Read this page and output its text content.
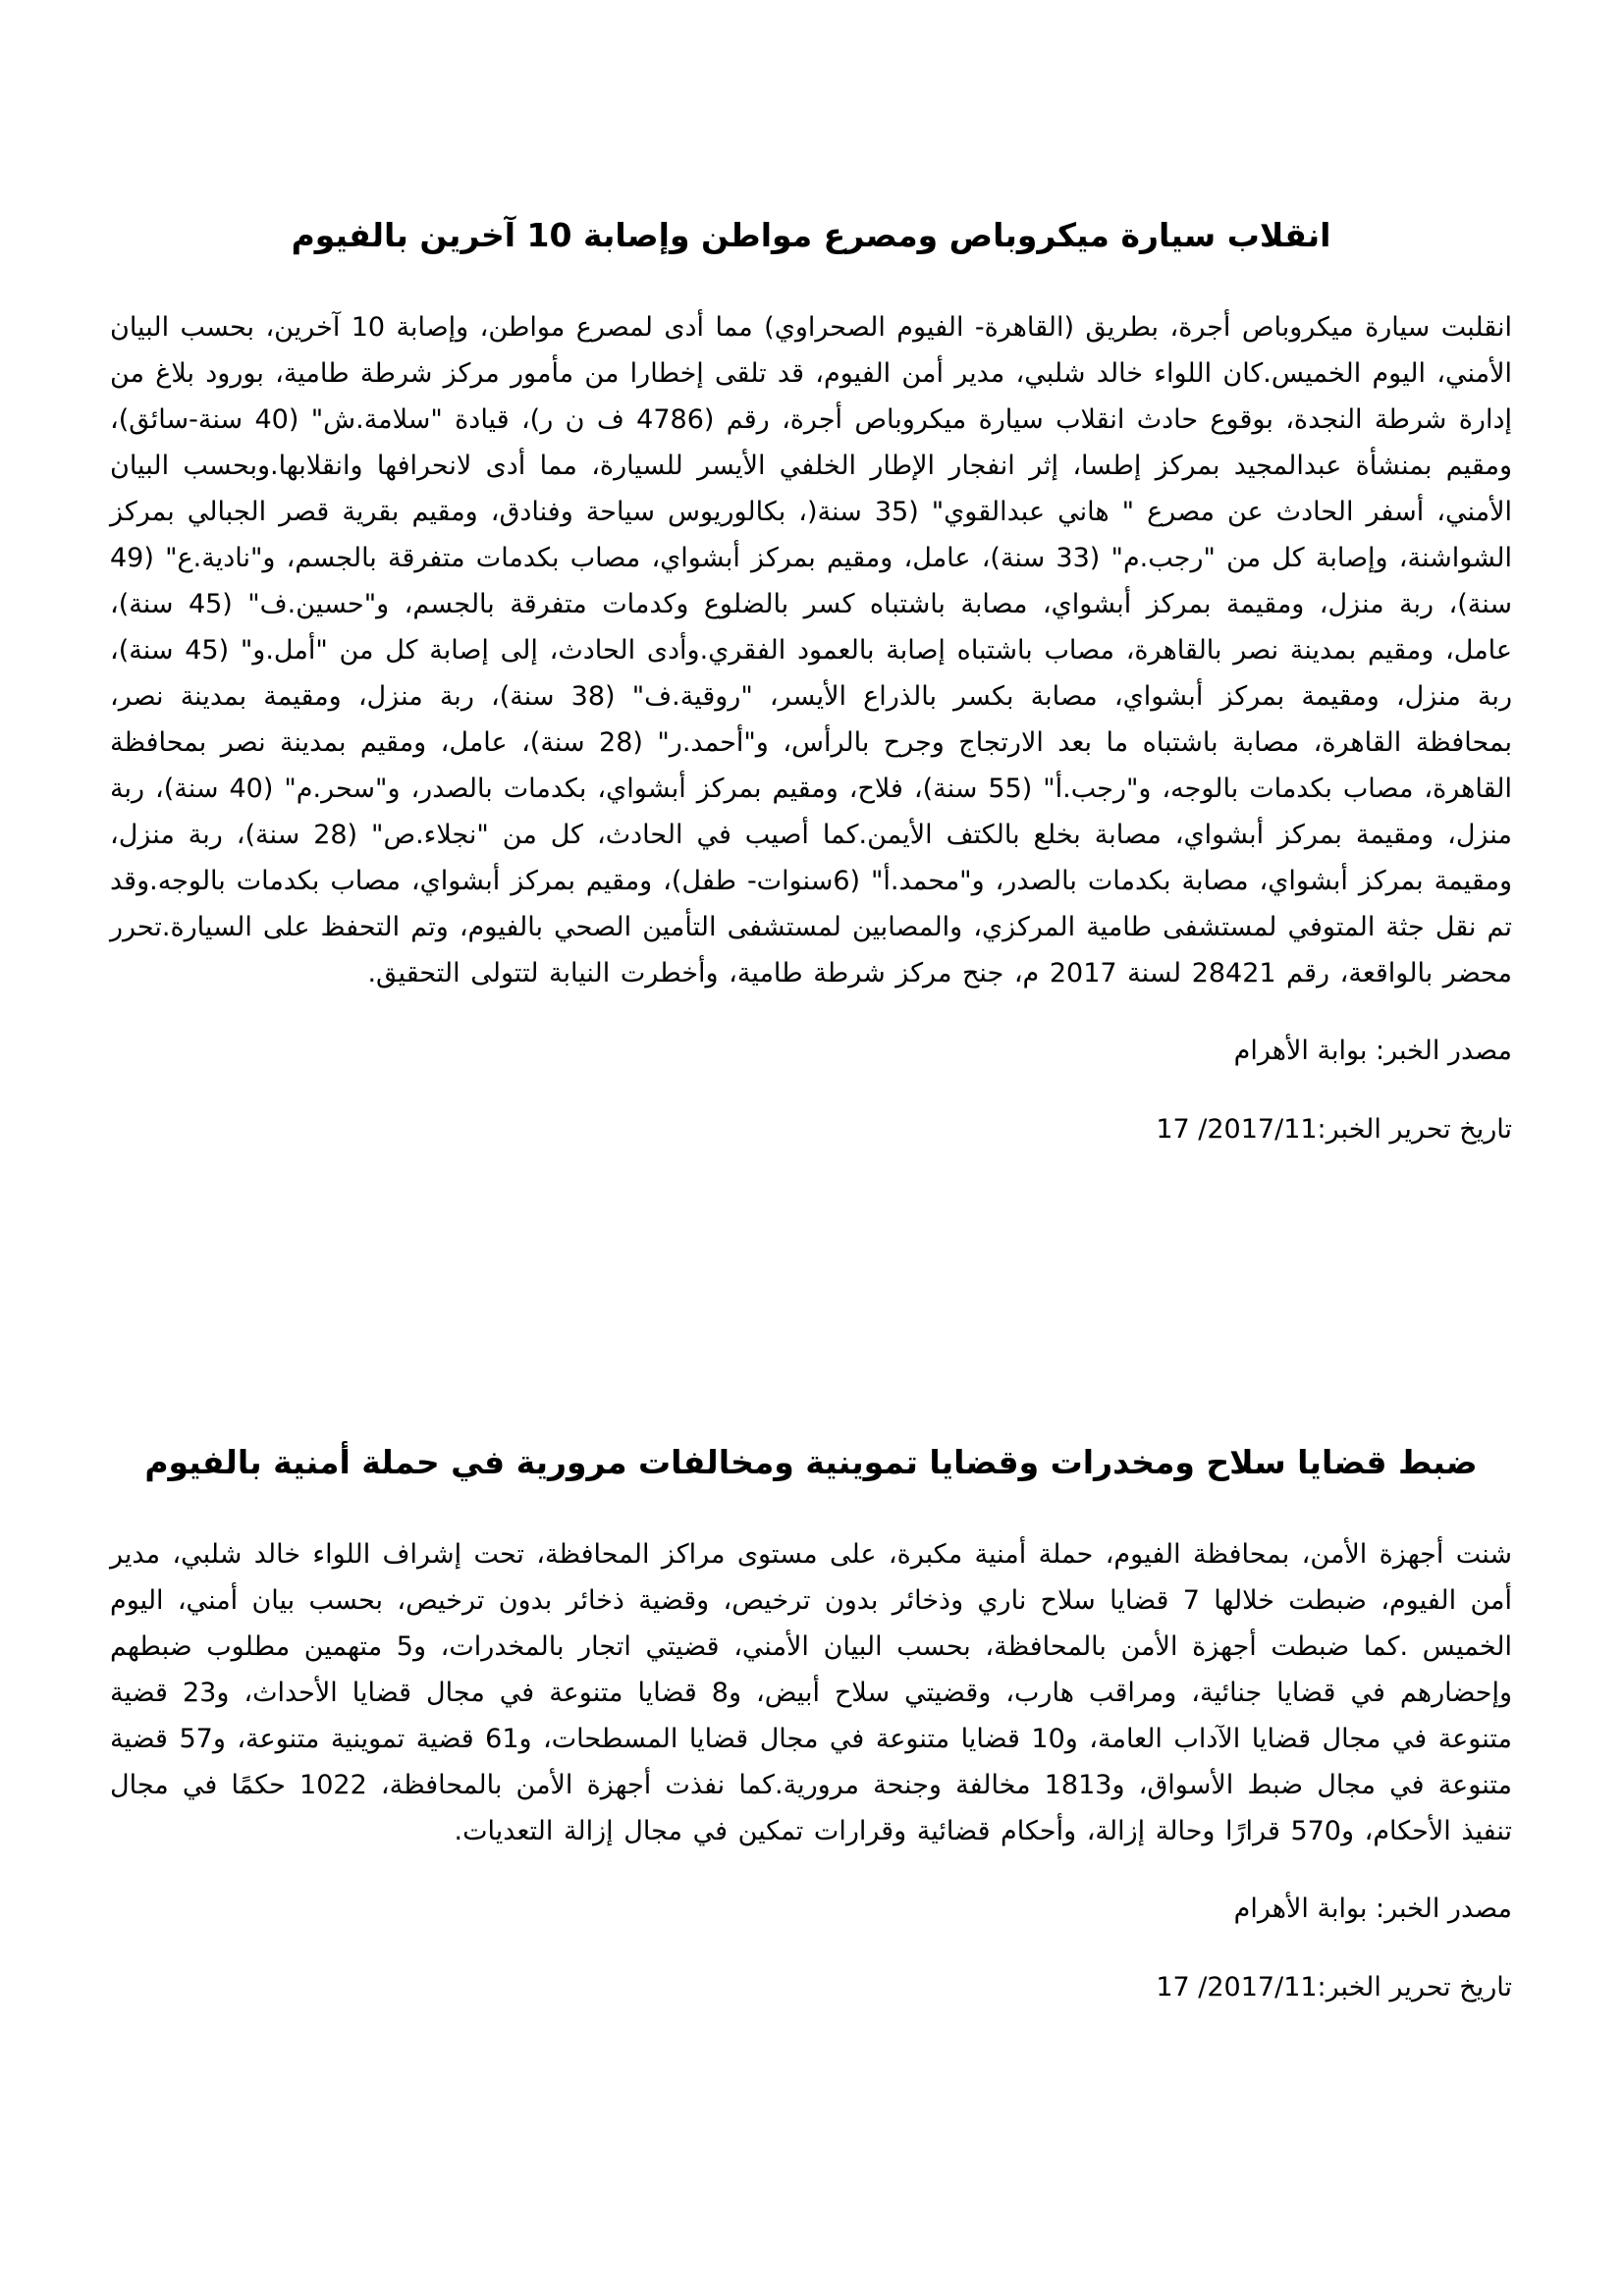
انقلاب سيارة ميكروباص ومصرع مواطن وإصابة 10 آخرين بالفيوم

انقلبت سيارة ميكروباص أجرة، بطريق (القاهرة- الفيوم الصحراوي) مما أدى لمصرع مواطن، وإصابة 10 آخرين، بحسب البيان الأمني، اليوم الخميس.كان اللواء خالد شلبي، مدير أمن الفيوم، قد تلقى إخطارا من مأمور مركز شرطة طامية، بورود بلاغ من إدارة شرطة النجدة، بوقوع حادث انقلاب سيارة ميكروباص أجرة، رقم (4786 ف ن ر)، قيادة "سلامة.ش" (40 سنة-سائق)، ومقيم بمنشأة عبدالمجيد بمركز إطسا، إثر انفجار الإطار الخلفي الأيسر للسيارة، مما أدى لانحرافها وانقلابها.وبحسب البيان الأمني، أسفر الحادث عن مصرع " هاني عبدالقوي" (35 سنة(، بكالوريوس سياحة وفنادق، ومقيم بقرية قصر الجبالي بمركز الشواشنة، وإصابة كل من "رجب.م" (33 سنة)، عامل، ومقيم بمركز أبشواي، مصاب بكدمات متفرقة بالجسم، و"نادية.ع" (49 سنة)، ربة منزل، ومقيمة بمركز أبشواي، مصابة باشتباه كسر بالضلوع وكدمات متفرقة بالجسم، و"حسين.ف" (45 سنة)، عامل، ومقيم بمدينة نصر بالقاهرة، مصاب باشتباه إصابة بالعمود الفقري.وأدى الحادث، إلى إصابة كل من "أمل.و" (45 سنة)، ربة منزل، ومقيمة بمركز أبشواي، مصابة بكسر بالذراع الأيسر، "روقية.ف" (38 سنة)، ربة منزل، ومقيمة بمدينة نصر، بمحافظة القاهرة، مصابة باشتباه ما بعد الارتجاج وجرح بالرأس، و"أحمد.ر" (28 سنة)، عامل، ومقيم بمدينة نصر بمحافظة القاهرة، مصاب بكدمات بالوجه، و"رجب.أ" (55 سنة)، فلاح، ومقيم بمركز أبشواي، بكدمات بالصدر، و"سحر.م" (40 سنة)، ربة منزل، ومقيمة بمركز أبشواي، مصابة بخلع بالكتف الأيمن.كما أصيب في الحادث، كل من "نجلاء.ص" (28 سنة)، ربة منزل، ومقيمة بمركز أبشواي، مصابة بكدمات بالصدر، و"محمد.أ" (6سنوات- طفل)، ومقيم بمركز أبشواي، مصاب بكدمات بالوجه.وقد تم نقل جثة المتوفي لمستشفى طامية المركزي، والمصابين لمستشفى التأمين الصحي بالفيوم، وتم التحفظ على السيارة.تحرر محضر بالواقعة، رقم 28421 لسنة 2017 م، جنح مركز شرطة طامية، وأخطرت النيابة لتتولى التحقيق.

مصدر الخبر: بوابة الأهرام

تاريخ تحرير الخبر:17 /2017/11

ضبط قضايا سلاح ومخدرات وقضايا تموينية ومخالفات مرورية في حملة أمنية بالفيوم

شنت أجهزة الأمن، بمحافظة الفيوم، حملة أمنية مكبرة، على مستوى مراكز المحافظة، تحت إشراف اللواء خالد شلبي، مدير أمن الفيوم، ضبطت خلالها 7 قضايا سلاح ناري وذخائر بدون ترخيص، وقضية ذخائر بدون ترخيص، بحسب بيان أمني، اليوم الخميس .كما ضبطت أجهزة الأمن بالمحافظة، بحسب البيان الأمني، قضيتي اتجار بالمخدرات، و5 متهمين مطلوب ضبطهم وإحضارهم في قضايا جنائية، ومراقب هارب، وقضيتي سلاح أبيض، و8 قضايا متنوعة في مجال قضايا الأحداث، و23 قضية متنوعة في مجال قضايا الآداب العامة، و10 قضايا متنوعة في مجال قضايا المسطحات، و61 قضية تموينية متنوعة، و57 قضية متنوعة في مجال ضبط الأسواق، و1813 مخالفة وجنحة مرورية.كما نفذت أجهزة الأمن بالمحافظة، 1022 حكمًا في مجال تنفيذ الأحكام، و570 قرارًا وحالة إزالة، وأحكام قضائية وقرارات تمكين في مجال إزالة التعديات.

مصدر الخبر: بوابة الأهرام

تاريخ تحرير الخبر:17 /2017/11
